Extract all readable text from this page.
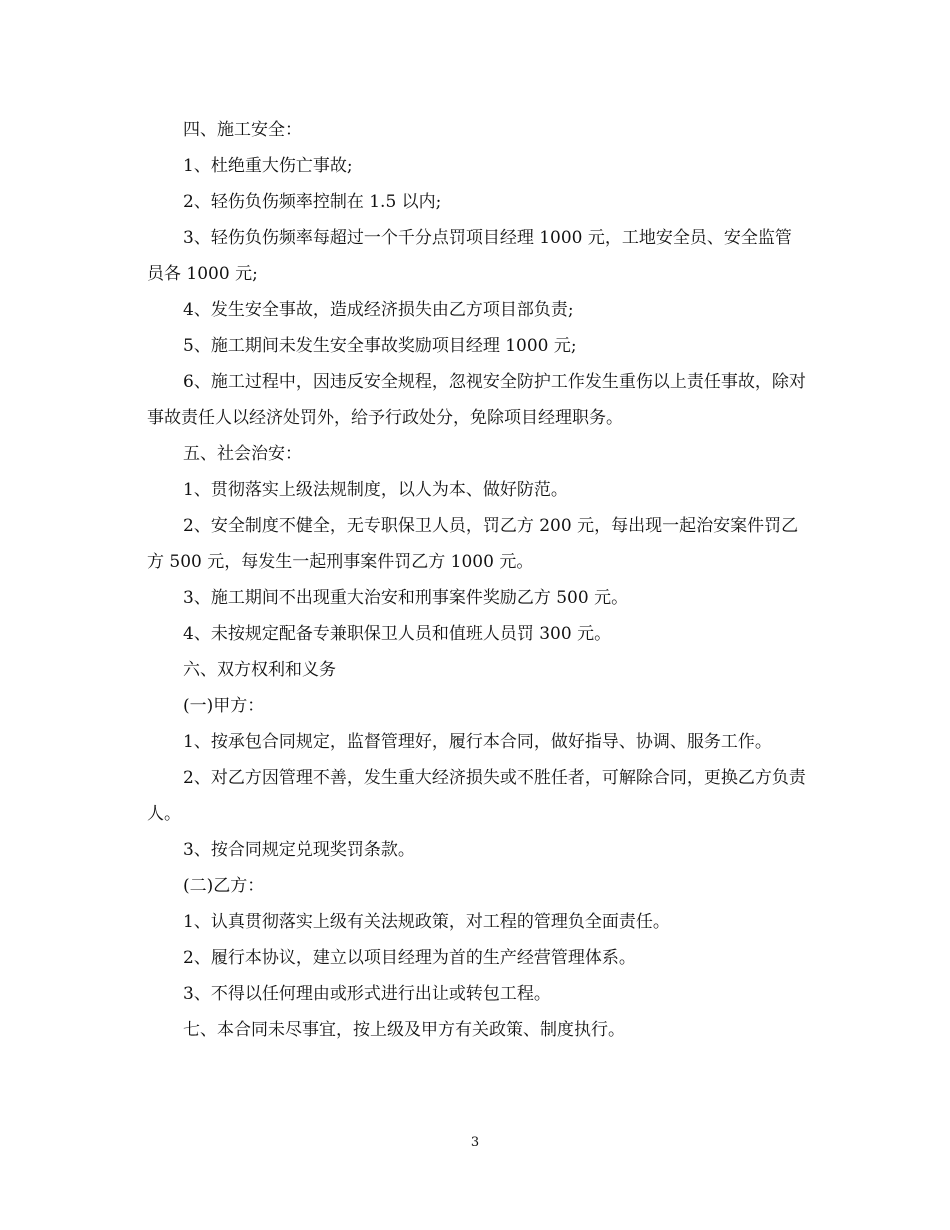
四、施工安全：

1、杜绝重大伤亡事故;

2、轻伤负伤频率控制在 1.5 以内;

3、轻伤负伤频率每超过一个千分点罚项目经理 1000 元，工地安全员、安全监管员各 1000 元;

4、发生安全事故，造成经济损失由乙方项目部负责;

5、施工期间未发生安全事故奖励项目经理 1000 元;

6、施工过程中，因违反安全规程，忽视安全防护工作发生重伤以上责任事故，除对事故责任人以经济处罚外，给予行政处分，免除项目经理职务。

五、社会治安：

1、贯彻落实上级法规制度，以人为本、做好防范。

2、安全制度不健全，无专职保卫人员，罚乙方 200 元，每出现一起治安案件罚乙方 500 元，每发生一起刑事案件罚乙方 1000 元。

3、施工期间不出现重大治安和刑事案件奖励乙方 500 元。

4、未按规定配备专兼职保卫人员和值班人员罚 300 元。

六、双方权利和义务

(一)甲方：

1、按承包合同规定，监督管理好，履行本合同，做好指导、协调、服务工作。

2、对乙方因管理不善，发生重大经济损失或不胜任者，可解除合同，更换乙方负责人。

3、按合同规定兑现奖罚条款。

(二)乙方：

1、认真贯彻落实上级有关法规政策，对工程的管理负全面责任。

2、履行本协议，建立以项目经理为首的生产经营管理体系。

3、不得以任何理由或形式进行出让或转包工程。

七、本合同未尽事宜，按上级及甲方有关政策、制度执行。

3
